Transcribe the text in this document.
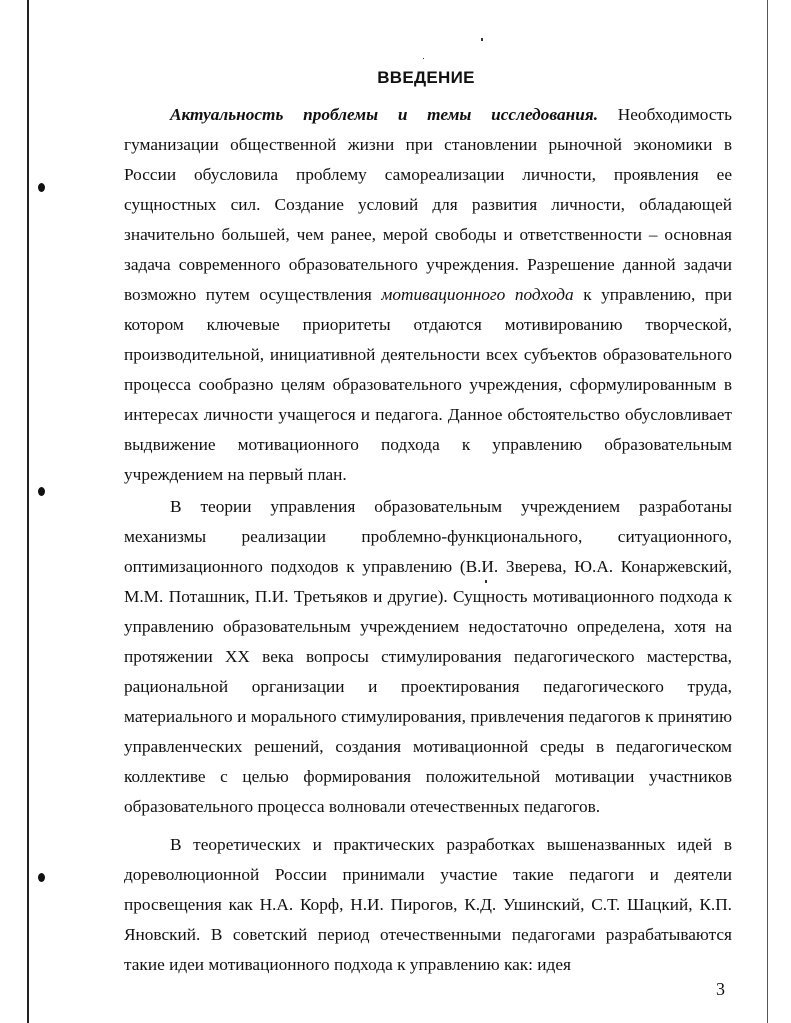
ВВЕДЕНИЕ

Актуальность проблемы и темы исследования. Необходимость гуманизации общественной жизни при становлении рыночной экономики в России обусловила проблему самореализации личности, проявления ее сущностных сил. Создание условий для развития личности, обладающей значительно большей, чем ранее, мерой свободы и ответственности – основная задача современного образовательного учреждения. Разрешение данной задачи возможно путем осуществления мотивационного подхода к управлению, при котором ключевые приоритеты отдаются мотивированию творческой, производительной, инициативной деятельности всех субъектов образовательного процесса сообразно целям образовательного учреждения, сформулированным в интересах личности учащегося и педагога. Данное обстоятельство обусловливает выдвижение мотивационного подхода к управлению образовательным учреждением на первый план.

В теории управления образовательным учреждением разработаны механизмы реализации проблемно-функционального, ситуационного, оптимизационного подходов к управлению (В.И. Зверева, Ю.А. Конаржевский, М.М. Поташник, П.И. Третьяков и другие). Сущность мотивационного подхода к управлению образовательным учреждением недостаточно определена, хотя на протяжении XX века вопросы стимулирования педагогического мастерства, рациональной организации и проектирования педагогического труда, материального и морального стимулирования, привлечения педагогов к принятию управленческих решений, создания мотивационной среды в педагогическом коллективе с целью формирования положительной мотивации участников образовательного процесса волновали отечественных педагогов.

В теоретических и практических разработках вышеназванных идей в дореволюционной России принимали участие такие педагоги и деятели просвещения как Н.А. Корф, Н.И. Пирогов, К.Д. Ушинский, С.Т. Шацкий, К.П. Яновский. В советский период отечественными педагогами разрабатываются такие идеи мотивационного подхода к управлению как: идея

3
